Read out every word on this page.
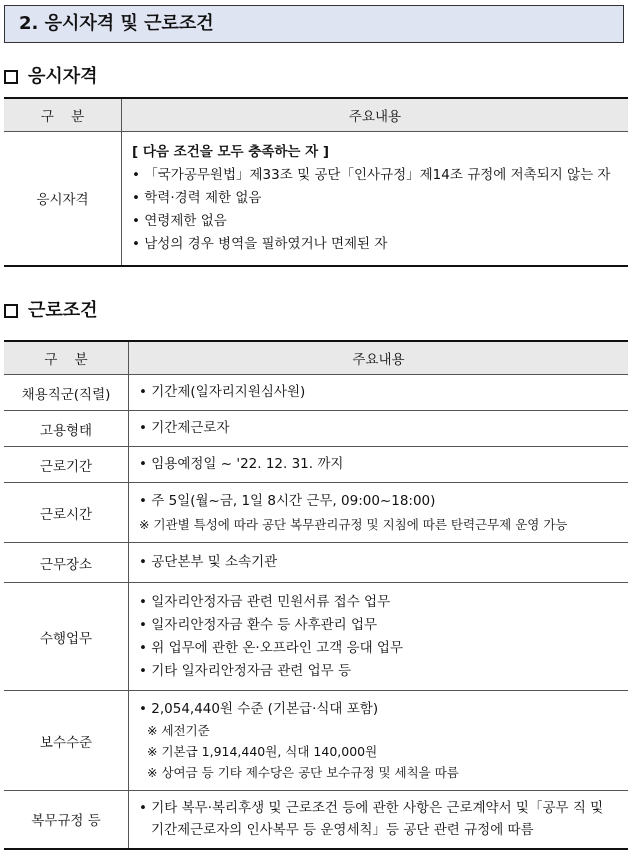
2. 응시자격 및 근로조건
응시자격
구    분	주요내용
응시자격	[ 다음 조건을 모두 충족하는 자 ]
• 「국가공무원법」제33조 및 공단「인사규정」제14조 규정에 저촉되지 않는 자
• 학력·경력 제한 없음
• 연령제한 없음
• 남성의 경우 병역을 필하였거나 면제된 자
근로조건
구    분	주요내용
채용직군(직렬)	• 기간제(일자리지원심사원)

고용형태	• 기간제근로자

근로기간	• 임용예정일 ~ '22. 12. 31. 까지

근로시간	• 주 5일(월~금, 1일 8시간 근무, 09:00~18:00)
※ 기관별 특성에 따라 공단 복무관리규정 및 지침에 따른 탄력근무제 운영 가능

근무장소	• 공단본부 및 소속기관

수행업무	• 일자리안정자금 관련 민원서류 접수 업무
• 일자리안정자금 환수 등 사후관리 업무
• 위 업무에 관한 온·오프라인 고객 응대 업무
• 기타 일자리안정자금 관련 업무 등

보수수준	• 2,054,440원 수준 (기본급·식대 포함)
※ 세전기준
※ 기본급 1,914,440원, 식대 140,000원
※ 상여금 등 기타 제수당은 공단 보수규정 및 세칙을 따름

복무규정 등	• 기타 복무·복리후생 및 근로조건 등에 관한 사항은 근로계약서 및「공무 직 및 기간제근로자의 인사복무 등 운영세칙」등 공단 관련 규정에 따름
